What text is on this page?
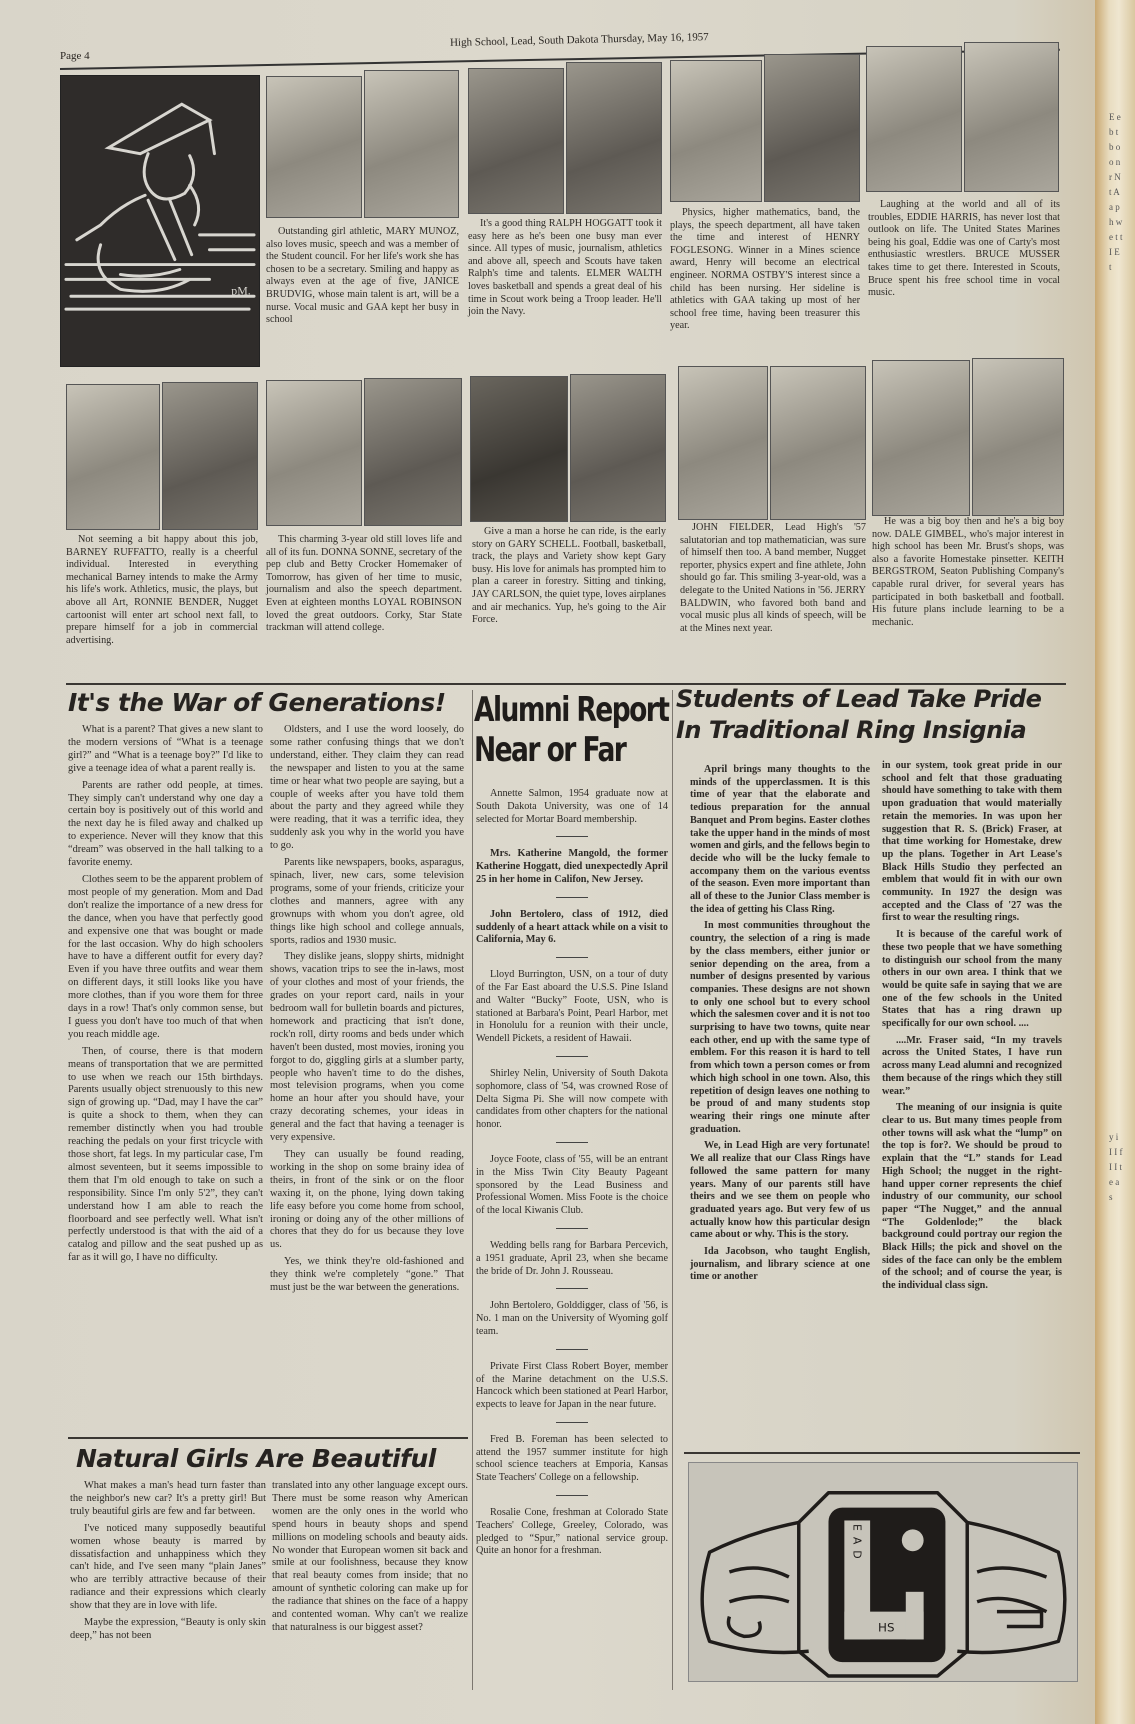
Page 4
High School, Lead, South Dakota Thursday, May 16, 1957
pM.
Outstanding girl athletic, MARY MUNOZ, also loves music, speech and was a member of the Student council. For her life's work she has chosen to be a secretary. Smiling and happy as always even at the age of five, JANICE BRUDVIG, whose main talent is art, will be a nurse. Vocal music and GAA kept her busy in school
It's a good thing RALPH HOGGATT took it easy here as he's been one busy man ever since. All types of music, journalism, athletics and above all, speech and Scouts have taken Ralph's time and talents. ELMER WALTH loves basketball and spends a great deal of his time in Scout work being a Troop leader. He'll join the Navy.
Physics, higher mathematics, band, the plays, the speech department, all have taken the time and interest of HENRY FOGLESONG. Winner in a Mines science award, Henry will become an electrical engineer. NORMA OSTBY'S interest since a child has been nursing. Her sideline is athletics with GAA taking up most of her school free time, having been treasurer this year.
Laughing at the world and all of its troubles, EDDIE HARRIS, has never lost that outlook on life. The United States Marines being his goal, Eddie was one of Carty's most enthusiastic wrestlers. BRUCE MUSSER takes time to get there. Interested in Scouts, Bruce spent his free school time in vocal music.
Not seeming a bit happy about this job, BARNEY RUFFATTO, really is a cheerful individual. Interested in everything mechanical Barney intends to make the Army his life's work. Athletics, music, the plays, but above all Art, RONNIE BENDER, Nugget cartoonist will enter art school next fall, to prepare himself for a job in commercial advertising.
This charming 3-year old still loves life and all of its fun. DONNA SONNE, secretary of the pep club and Betty Crocker Homemaker of Tomorrow, has given of her time to music, journalism and also the speech department. Even at eighteen months LOYAL ROBINSON loved the great outdoors. Corky, Star State trackman will attend college.
Give a man a horse he can ride, is the early story on GARY SCHELL. Football, basketball, track, the plays and Variety show kept Gary busy. His love for animals has prompted him to plan a career in forestry. Sitting and tinking, JAY CARLSON, the quiet type, loves airplanes and air mechanics. Yup, he's going to the Air Force.
JOHN FIELDER, Lead High's '57 salutatorian and top mathematician, was sure of himself then too. A band member, Nugget reporter, physics expert and fine athlete, John should go far. This smiling 3-year-old, was a delegate to the United Nations in '56. JERRY BALDWIN, who favored both band and vocal music plus all kinds of speech, will be at the Mines next year.
He was a big boy then and he's a big boy now. DALE GIMBEL, who's major interest in high school has been Mr. Brust's shops, was also a favorite Homestake pinsetter. KEITH BERGSTROM, Seaton Publishing Company's capable rural driver, for several years has participated in both basketball and football. His future plans include learning to be a mechanic.
It's the War of Generations!

What is a parent? That gives a new slant to the modern versions of “What is a teenage girl?” and “What is a teenage boy?” I'd like to give a teenage idea of what a parent really is.

Parents are rather odd people, at times. They simply can't understand why one day a certain boy is positively out of this world and the next day he is filed away and chalked up to experience. Never will they know that this “dream” was observed in the hall talking to a favorite enemy.

Clothes seem to be the apparent problem of most people of my generation. Mom and Dad don't realize the importance of a new dress for the dance, when you have that perfectly good and expensive one that was bought or made for the last occasion. Why do high schoolers have to have a different outfit for every day? Even if you have three outfits and wear them on different days, it still looks like you have more clothes, than if you wore them for three days in a row! That's only common sense, but I guess you don't have too much of that when you reach middle age.

Then, of course, there is that modern means of transportation that we are permitted to use when we reach our 15th birthdays. Parents usually object strenuously to this new sign of growing up. “Dad, may I have the car” is quite a shock to them, when they can remember distinctly when you had trouble reaching the pedals on your first tricycle with those short, fat legs. In my particular case, I'm almost seventeen, but it seems impossible to them that I'm old enough to take on such a responsibility. Since I'm only 5'2”, they can't understand how I am able to reach the floorboard and see perfectly well. What isn't perfectly understood is that with the aid of a catalog and pillow and the seat pushed up as far as it will go, I have no difficulty.

Oldsters, and I use the word loosely, do some rather confusing things that we don't understand, either. They claim they can read the newspaper and listen to you at the same time or hear what two people are saying, but a couple of weeks after you have told them about the party and they agreed while they were reading, that it was a terrific idea, they suddenly ask you why in the world you have to go.

Parents like newspapers, books, asparagus, spinach, liver, new cars, some television programs, some of your friends, criticize your clothes and manners, agree with any grownups with whom you don't agree, old things like high school and college annuals, sports, radios and 1930 music.

They dislike jeans, sloppy shirts, midnight shows, vacation trips to see the in-laws, most of your clothes and most of your friends, the grades on your report card, nails in your bedroom wall for bulletin boards and pictures, homework and practicing that isn't done, rock'n roll, dirty rooms and beds under which haven't been dusted, most movies, ironing you forgot to do, giggling girls at a slumber party, people who haven't time to do the dishes, most television programs, when you come home an hour after you should have, your crazy decorating schemes, your ideas in general and the fact that having a teenager is very expensive.

They can usually be found reading, working in the shop on some brainy idea of theirs, in front of the sink or on the floor waxing it, on the phone, lying down taking life easy before you come home from school, ironing or doing any of the other millions of chores that they do for us because they love us.

Yes, we think they're old-fashioned and they think we're completely “gone.” That must just be the war between the generations.

Alumni Report
Near or Far
Annette Salmon, 1954 graduate now at South Dakota University, was one of 14 selected for Mortar Board membership.
Mrs. Katherine Mangold, the former Katherine Hoggatt, died unexpectedly April 25 in her home in Califon, New Jersey.
John Bertolero, class of 1912, died suddenly of a heart attack while on a visit to California, May 6.
Lloyd Burrington, USN, on a tour of duty of the Far East aboard the U.S.S. Pine Island and Walter “Bucky” Foote, USN, who is stationed at Barbara's Point, Pearl Harbor, met in Honolulu for a reunion with their uncle, Wendell Pickets, a resident of Hawaii.
Shirley Nelin, University of South Dakota sophomore, class of '54, was crowned Rose of Delta Sigma Pi. She will now compete with candidates from other chapters for the national honor.
Joyce Foote, class of '55, will be an entrant in the Miss Twin City Beauty Pageant sponsored by the Lead Business and Professional Women. Miss Foote is the choice of the local Kiwanis Club.
Wedding bells rang for Barbara Percevich, a 1951 graduate, April 23, when she became the bride of Dr. John J. Rousseau.
John Bertolero, Golddigger, class of '56, is No. 1 man on the University of Wyoming golf team.
Private First Class Robert Boyer, member of the Marine detachment on the U.S.S. Hancock which been stationed at Pearl Harbor, expects to leave for Japan in the near future.
Fred B. Foreman has been selected to attend the 1957 summer institute for high school science teachers at Emporia, Kansas State Teachers' College on a fellowship.
Rosalie Cone, freshman at Colorado State Teachers' College, Greeley, Colorado, was pledged to “Spur,” national service group. Quite an honor for a freshman.
Students of Lead Take Pride
In Traditional Ring Insignia

April brings many thoughts to the minds of the upperclassmen. It is this time of year that the elaborate and tedious preparation for the annual Banquet and Prom begins. Easter clothes take the upper hand in the minds of most women and girls, and the fellows begin to decide who will be the lucky female to accompany them on the various eventss of the season. Even more important than all of these to the Junior Class member is the idea of getting his Class Ring.

In most communities throughout the country, the selection of a ring is made by the class members, either junior or senior depending on the area, from a number of designs presented by various companies. These designs are not shown to only one school but to every school which the salesmen cover and it is not too surprising to have two towns, quite near each other, end up with the same type of emblem. For this reason it is hard to tell from which town a person comes or from which high school in one town. Also, this repetition of design leaves one nothing to be proud of and many students stop wearing their rings one minute after graduation.

We, in Lead High are very fortunate! We all realize that our Class Rings have followed the same pattern for many years. Many of our parents still have theirs and we see them on people who graduated years ago. But very few of us actually know how this particular design came about or why. This is the story.

Ida Jacobson, who taught English, journalism, and library science at one time or another

in our system, took great pride in our school and felt that those graduating should have something to take with them upon graduation that would materially retain the memories. In was upon her suggestion that R. S. (Brick) Fraser, at that time working for Homestake, drew up the plans. Together in Art Lease's Black Hills Studio they perfected an emblem that would fit in with our own community. In 1927 the design was accepted and the Class of '27 was the first to wear the resulting rings.

It is because of the careful work of these two people that we have something to distinguish our school from the many others in our own area. I think that we would be quite safe in saying that we are one of the few schools in the United States that has a ring drawn up specifically for our own school. ....

....Mr. Fraser said, “In my travels across the United States, I have run across many Lead alumni and recognized them because of the rings which they still wear.”

The meaning of our insignia is quite clear to us. But many times people from other towns will ask what the “lump” on the top is for?. We should be proud to explain that the “L” stands for Lead High School; the nugget in the right-hand upper corner represents the chief industry of our community, our school paper “The Nugget,” and the annual “The Goldenlode;” the black background could portray our region the Black Hills; the pick and shovel on the sides of the face can only be the emblem of the school; and of course the year, is the individual class sign.

Natural Girls Are Beautiful

What makes a man's head turn faster than the neighbor's new car? It's a pretty girl! But truly beautiful girls are few and far between.

I've noticed many supposedly beautiful women whose beauty is marred by dissatisfaction and unhappiness which they can't hide, and I've seen many “plain Janes” who are terribly attractive because of their radiance and their expressions which clearly show that they are in love with life.

Maybe the expression, “Beauty is only skin deep,” has not been

translated into any other language except ours. There must be some reason why American women are the only ones in the world who spend hours in beauty shops and spend millions on modeling schools and beauty aids. No wonder that European women sit back and smile at our foolishness, because they know that real beauty comes from inside; that no amount of synthetic coloring can make up for the radiance that shines on the face of a happy and contented woman. Why can't we realize that naturalness is our biggest asset?

LEAD
HS
E e b t b o o n r N t A a p h w e t t I E t
y i I I f I I t e a s
